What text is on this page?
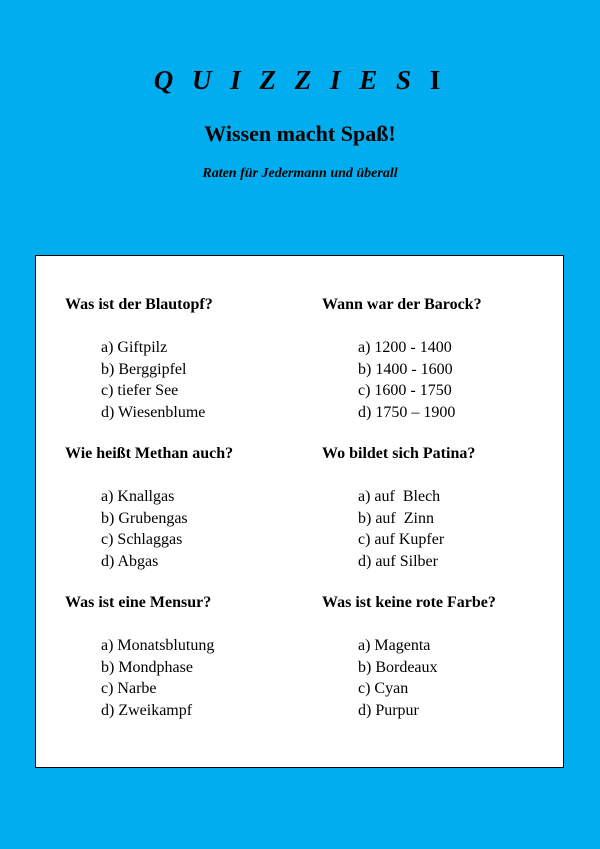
Q U I Z Z I E S I
Wissen macht Spaß!
Raten für Jedermann und überall

Was ist der Blautopf?

a) Giftpilz
b) Berggipfel
c) tiefer See
d) Wiesenblume

Wann war der Barock?

a) 1200 - 1400
b) 1400 - 1600
c) 1600 - 1750
d) 1750 – 1900

Wie heißt Methan auch?

a) Knallgas
b) Grubengas
c) Schlaggas
d) Abgas

Wo bildet sich Patina?

a) auf  Blech
b) auf  Zinn
c) auf Kupfer
d) auf Silber

Was ist eine Mensur?

a) Monatsblutung
b) Mondphase
c) Narbe
d) Zweikampf

Was ist keine rote Farbe?

a) Magenta
b) Bordeaux
c) Cyan
d) Purpur
